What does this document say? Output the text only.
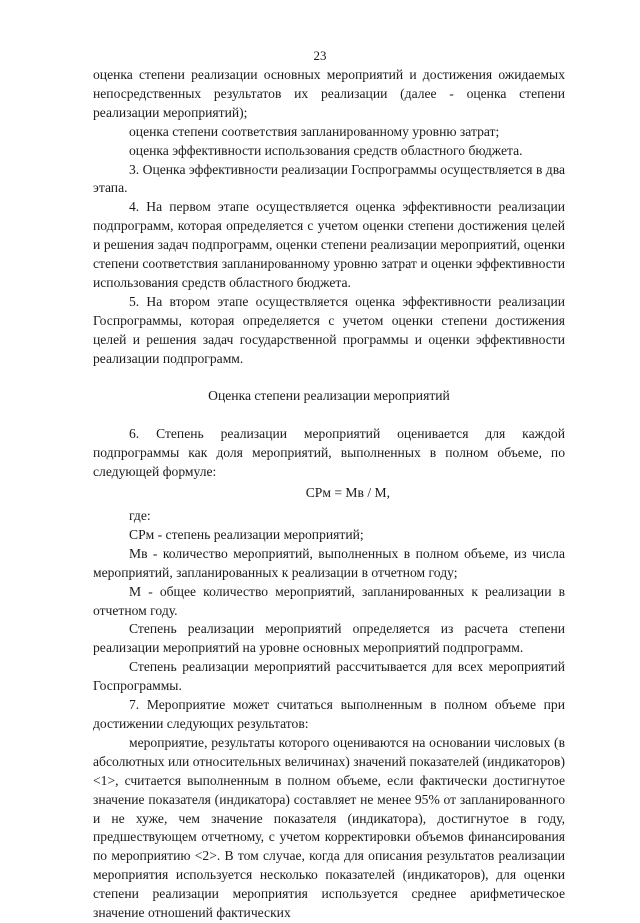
23

оценка степени реализации основных мероприятий и достижения ожидаемых непосредственных результатов их реализации (далее - оценка степени реализации мероприятий);

оценка степени соответствия запланированному уровню затрат;

оценка эффективности использования средств областного бюджета.

3. Оценка эффективности реализации Госпрограммы осуществляется в два этапа.

4. На первом этапе осуществляется оценка эффективности реализации подпрограмм, которая определяется с учетом оценки степени достижения целей и решения задач подпрограмм, оценки степени реализации мероприятий, оценки степени соответствия запланированному уровню затрат и оценки эффективности использования средств областного бюджета.

5. На втором этапе осуществляется оценка эффективности реализации Госпрограммы, которая определяется с учетом оценки степени достижения целей и решения задач государственной программы и оценки эффективности реализации подпрограмм.

Оценка степени реализации мероприятий

6. Степень реализации мероприятий оценивается для каждой подпрограммы как доля мероприятий, выполненных в полном объеме, по следующей формуле:

СРм = Мв / М,

где:

СРм - степень реализации мероприятий;

Мв - количество мероприятий, выполненных в полном объеме, из числа мероприятий, запланированных к реализации в отчетном году;

М - общее количество мероприятий, запланированных к реализации в отчетном году.

Степень реализации мероприятий определяется из расчета степени реализации мероприятий на уровне основных мероприятий подпрограмм.

Степень реализации мероприятий рассчитывается для всех мероприятий Госпрограммы.

7. Мероприятие может считаться выполненным в полном объеме при достижении следующих результатов:

мероприятие, результаты которого оцениваются на основании числовых (в абсолютных или относительных величинах) значений показателей (индикаторов) <1>, считается выполненным в полном объеме, если фактически достигнутое значение показателя (индикатора) составляет не менее 95% от запланированного и не хуже, чем значение показателя (индикатора), достигнутое в году, предшествующем отчетному, с учетом корректировки объемов финансирования по мероприятию <2>. В том случае, когда для описания результатов реализации мероприятия используется несколько показателей (индикаторов), для оценки степени реализации мероприятия используется среднее арифметическое значение отношений фактических
